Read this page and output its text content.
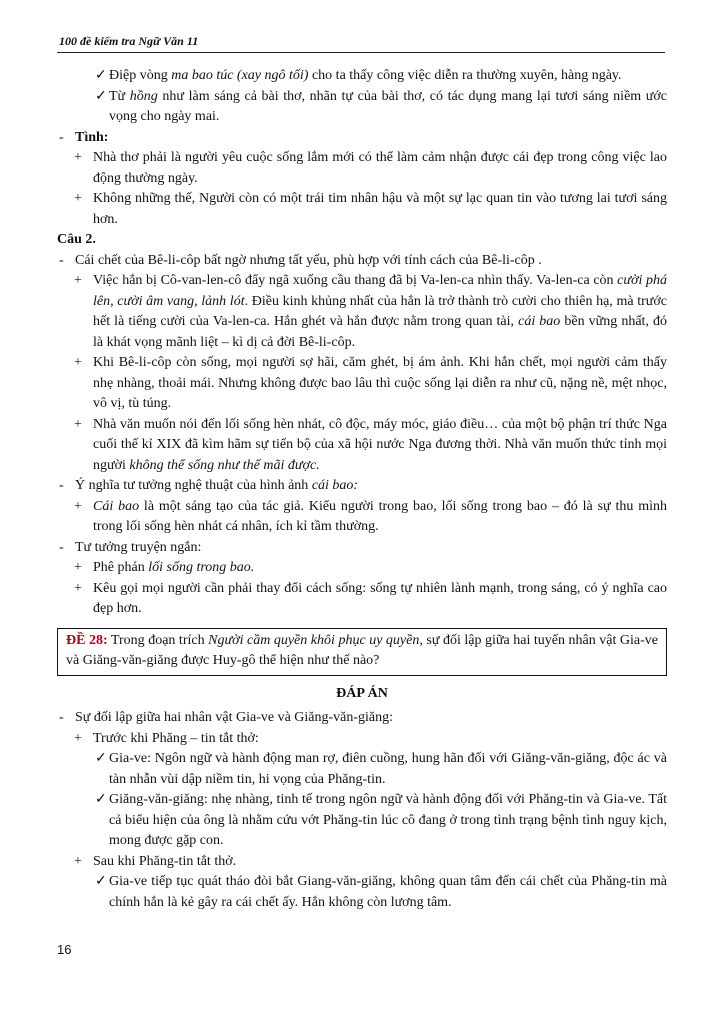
100 đề kiểm tra Ngữ Văn 11
✓ Điệp vòng ma bao túc (xay ngô tối) cho ta thấy công việc diễn ra thường xuyên, hàng ngày.
✓ Từ hồng như làm sáng cả bài thơ, nhãn tự của bài thơ, có tác dụng mang lại tươi sáng niềm ước vọng cho ngày mai.
- Tình:
+ Nhà thơ phải là người yêu cuộc sống lắm mới có thể làm cảm nhận được cái đẹp trong công việc lao động thường ngày.
+ Không những thế, Người còn có một trái tim nhân hậu và một sự lạc quan tin vào tương lai tươi sáng hơn.
Câu 2.
- Cái chết của Bê-li-côp bất ngờ nhưng tất yếu, phù hợp với tính cách của Bê-li-côp .
+ Việc hắn bị Cô-van-len-cô đẩy ngã xuống cầu thang đã bị Va-len-ca nhìn thấy. Va-len-ca còn cười phá lên, cười âm vang, lảnh lót. Điều kinh khủng nhất của hắn là trở thành trò cười cho thiên hạ, mà trước hết là tiếng cười của Va-len-ca. Hắn ghét và hắn được nằm trong quan tài, cái bao bền vững nhất, đó là khát vọng mãnh liệt – kì dị cả đời Bê-li-côp.
+ Khi Bê-li-côp còn sống, mọi người sợ hãi, căm ghét, bị ám ảnh. Khi hắn chết, mọi người cảm thấy nhẹ nhàng, thoải mái. Nhưng không được bao lâu thì cuộc sống lại diễn ra như cũ, nặng nề, mệt nhọc, vô vị, tù túng.
+ Nhà văn muốn nói đến lối sống hèn nhát, cô độc, máy móc, giáo điều… của một bộ phận trí thức Nga cuối thế kỉ XIX đã kìm hãm sự tiến bộ của xã hội nước Nga đương thời. Nhà văn muốn thức tỉnh mọi người không thể sống như thế mãi được.
- Ý nghĩa tư tưởng nghệ thuật của hình ảnh cái bao:
+ Cái bao là một sáng tạo của tác giả. Kiểu người trong bao, lối sống trong bao – đó là sự thu mình trong lối sống hèn nhát cá nhân, ích kỉ tầm thường.
- Tư tưởng truyện ngắn:
+ Phê phán lối sống trong bao.
+ Kêu gọi mọi người cần phải thay đổi cách sống: sống tự nhiên lành mạnh, trong sáng, có ý nghĩa cao đẹp hơn.
ĐỀ 28: Trong đoạn trích Người cầm quyền khôi phục uy quyền, sự đối lập giữa hai tuyến nhân vật Gia-ve và Giăng-văn-giăng được Huy-gô thể hiện như thế nào?
ĐÁP ÁN
- Sự đối lập giữa hai nhân vật Gia-ve và Giăng-văn-giăng:
+ Trước khi Phăng – tin tắt thở:
✓ Gia-ve: Ngôn ngữ và hành động man rợ, điên cuồng, hung hãn đối với Giăng-văn-giăng, độc ác và tàn nhẫn vùi dập niềm tin, hi vọng của Phăng-tin.
✓ Giăng-văn-giăng: nhẹ nhàng, tinh tế trong ngôn ngữ và hành động đối với Phăng-tin và Gia-ve. Tất cả biểu hiện của ông là nhằm cứu vớt Phăng-tin lúc cô đang ở trong tình trạng bệnh tình nguy kịch, mong được gặp con.
+ Sau khi Phăng-tin tắt thở.
✓ Gia-ve tiếp tục quát tháo đòi bắt Giang-văn-giăng, không quan tâm đến cái chết của Phăng-tin mà chính hắn là kẻ gây ra cái chết ấy. Hắn không còn lương tâm.
16
